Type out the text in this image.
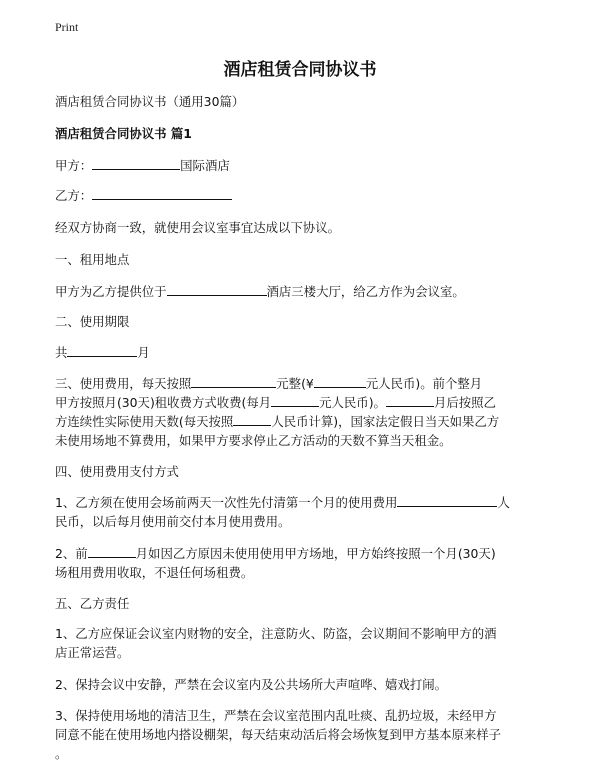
Print
酒店租赁合同协议书
酒店租赁合同协议书（通用30篇）
酒店租赁合同协议书 篇1
甲方：	国际酒店
乙方：
经双方协商一致，就使用会议室事宜达成以下协议。
一、租用地点
甲方为乙方提供位于	酒店三楼大厅，给乙方作为会议室。
二、使用期限
共	月
三、使用费用，每天按照	元整(¥	元人民币)。前个整月
甲方按照月(30天)租收费方式收费(每月	元人民币)。	月后按照乙
方连续性实际使用天数(每天按照	人民币计算)，国家法定假日当天如果乙方
未使用场地不算费用，如果甲方要求停止乙方活动的天数不算当天租金。
四、使用费用支付方式
1、乙方须在使用会场前两天一次性先付清第一个月的使用费用	人
民币，以后每月使用前交付本月使用费用。
2、前	月如因乙方原因未使用使用甲方场地，甲方始终按照一个月(30天)
场租用费用收取，不退任何场租费。
五、乙方责任
1、乙方应保证会议室内财物的安全，注意防火、防盗，会议期间不影响甲方的酒
店正常运营。
2、保持会议中安静，严禁在会议室内及公共场所大声喧哗、嬉戏打闹。
3、保持使用场地的清洁卫生，严禁在会议室范围内乱吐痰、乱扔垃圾，未经甲方
同意不能在使用场地内搭设棚架，每天结束动活后将会场恢复到甲方基本原来样子
。
